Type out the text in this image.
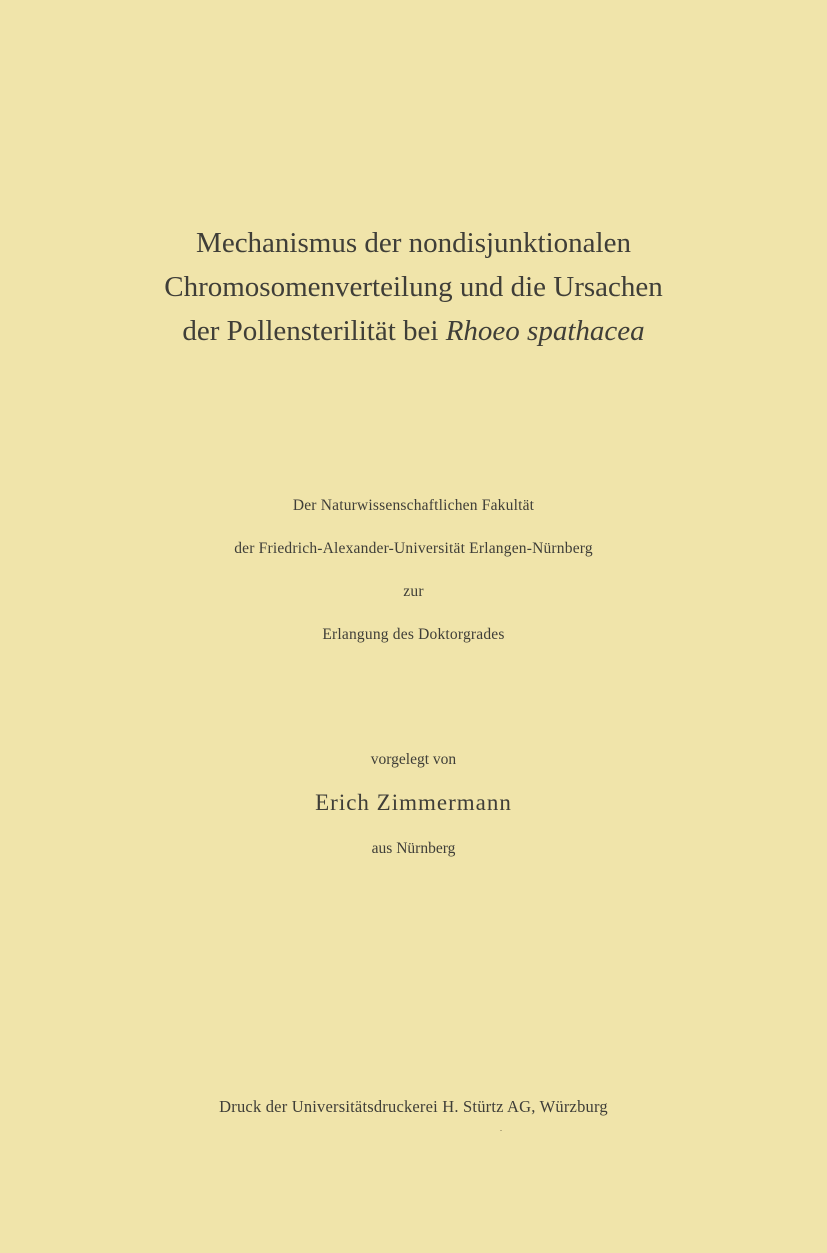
Mechanismus der nondisjunktionalen
Chromosomenverteilung und die Ursachen
der Pollensterilität bei Rhoeo spathacea
Der Naturwissenschaftlichen Fakultät
der Friedrich-Alexander-Universität Erlangen-Nürnberg
zur
Erlangung des Doktorgrades
vorgelegt von
Erich Zimmermann
aus Nürnberg
Druck der Universitätsdruckerei H. Stürtz AG, Würzburg
